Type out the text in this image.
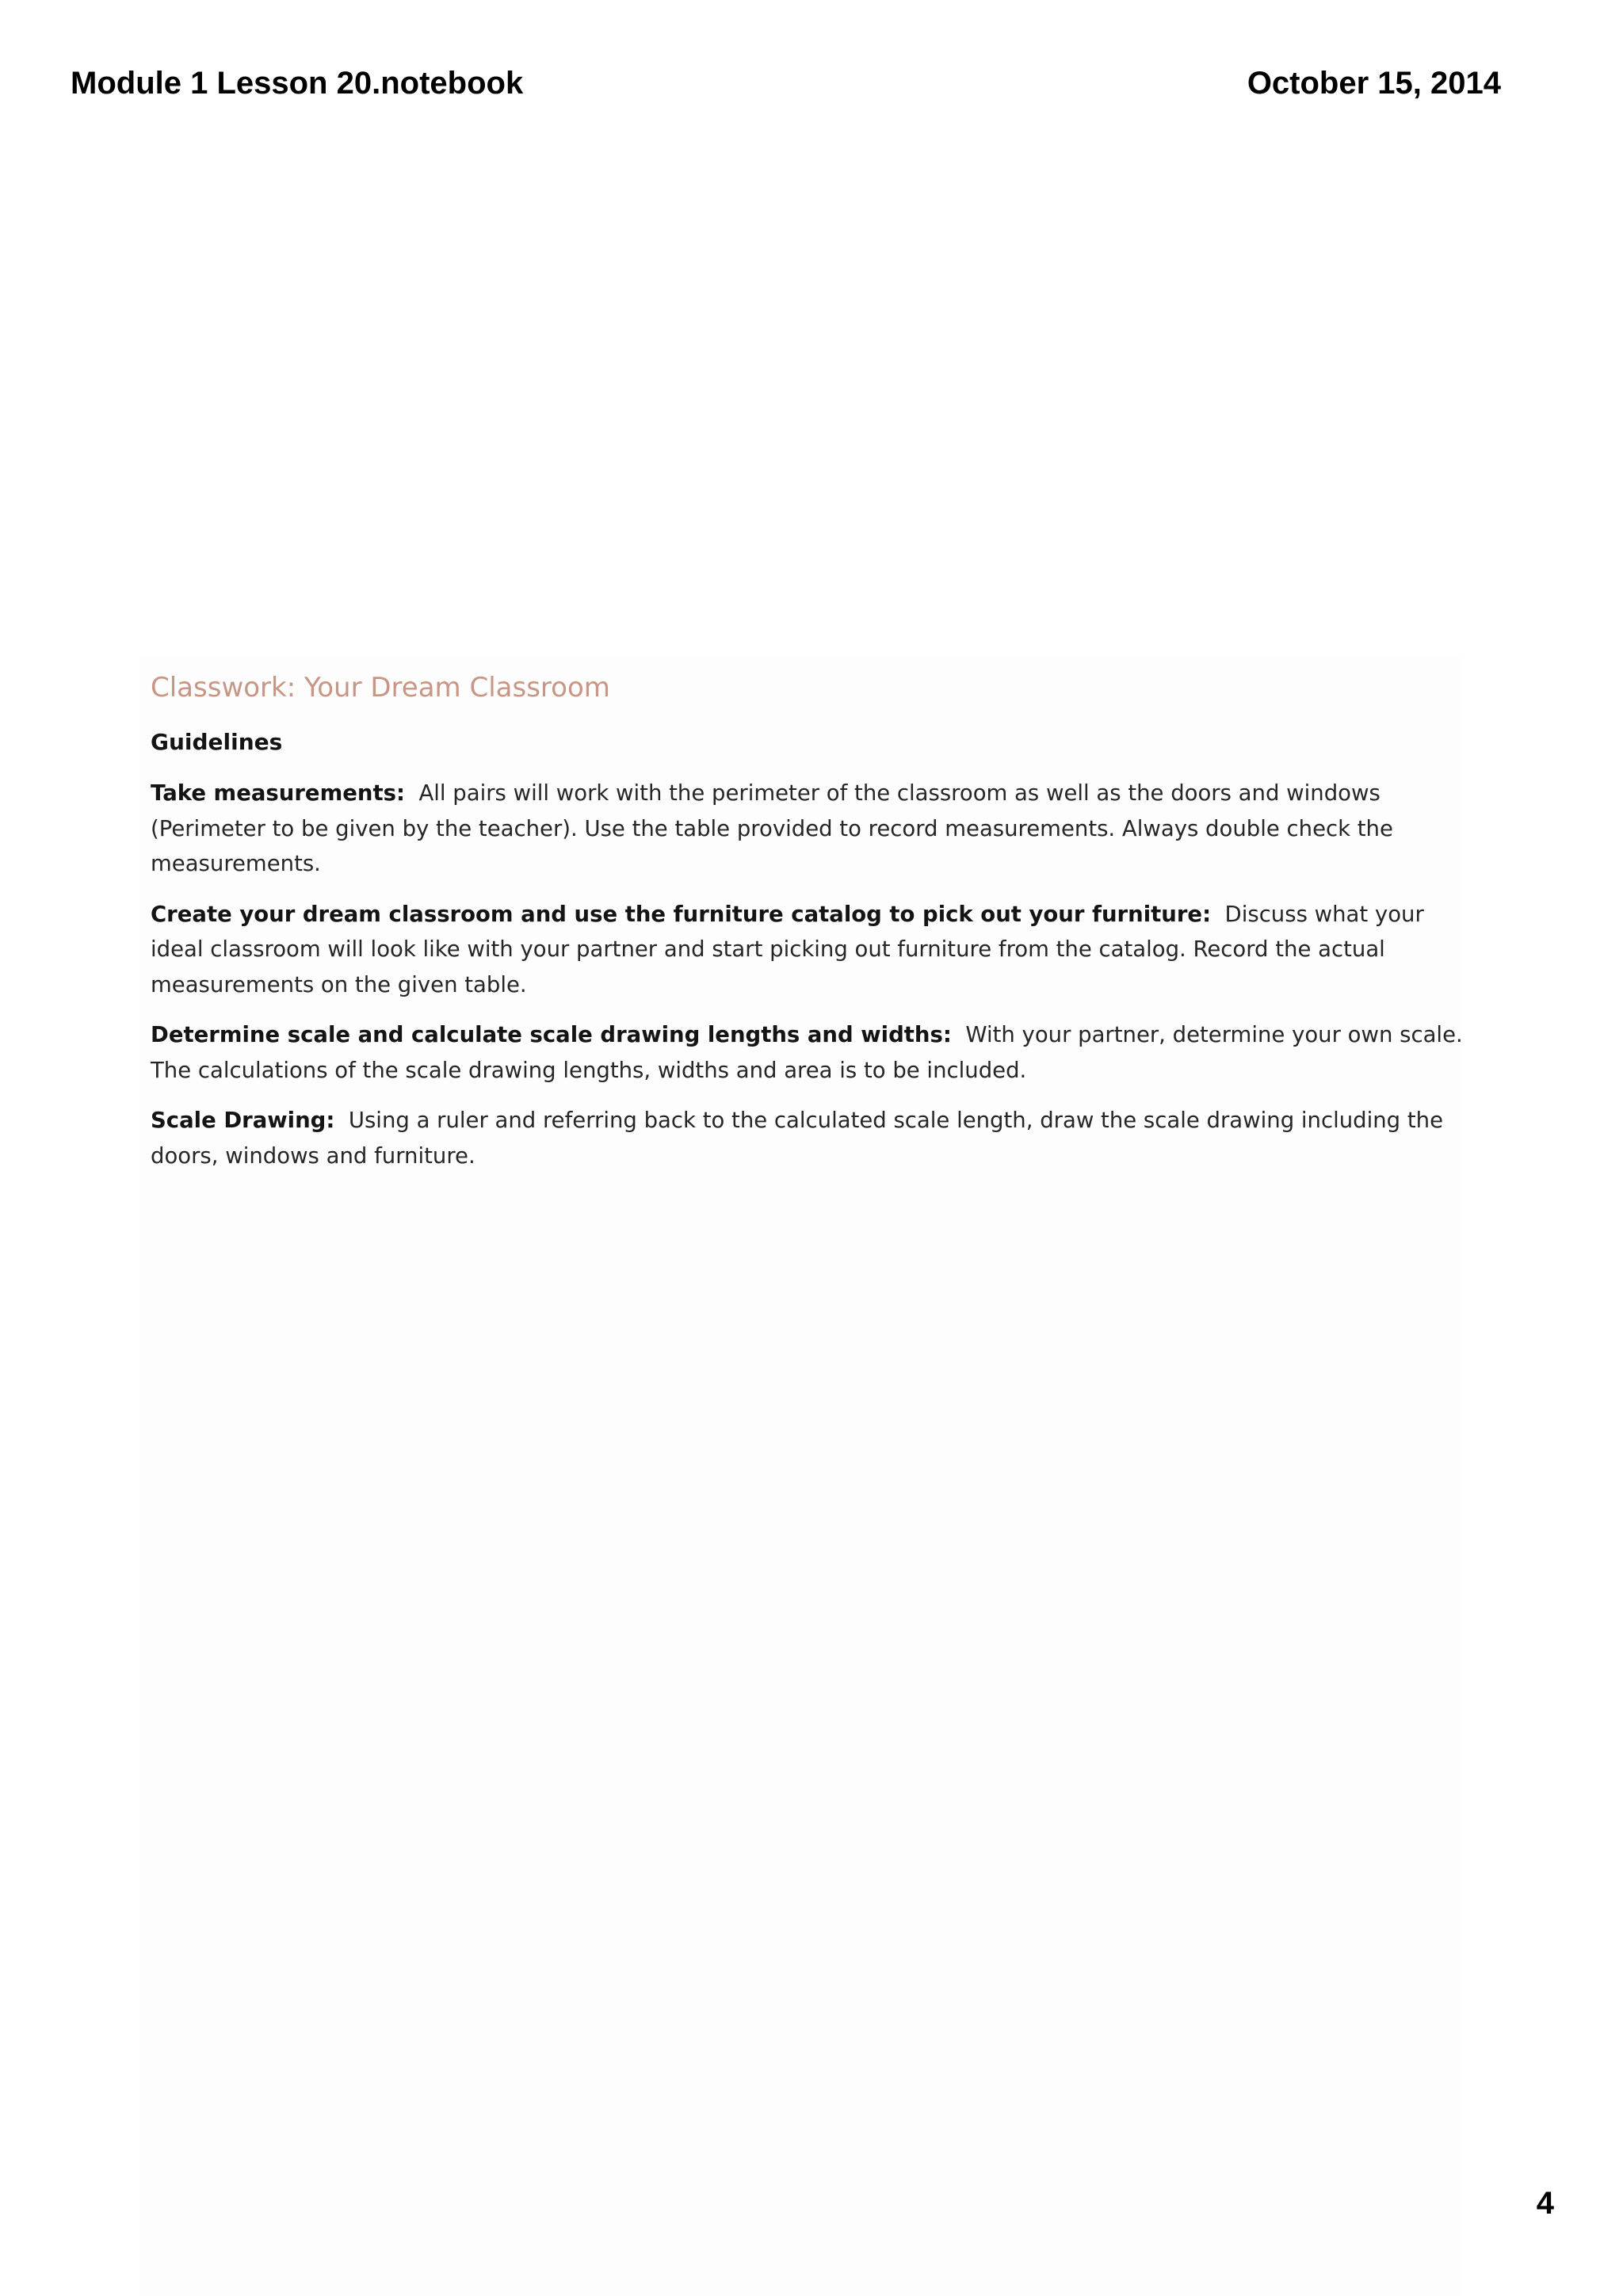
Module 1 Lesson 20.notebook	October 15, 2014
Classwork: Your Dream Classroom
Guidelines

Take measurements: All pairs will work with the perimeter of the classroom as well as the doors and windows (Perimeter to be given by the teacher). Use the table provided to record measurements. Always double check the measurements.

Create your dream classroom and use the furniture catalog to pick out your furniture: Discuss what your ideal classroom will look like with your partner and start picking out furniture from the catalog. Record the actual measurements on the given table.

Determine scale and calculate scale drawing lengths and widths: With your partner, determine your own scale. The calculations of the scale drawing lengths, widths and area is to be included.

Scale Drawing: Using a ruler and referring back to the calculated scale length, draw the scale drawing including the doors, windows and furniture.

4
